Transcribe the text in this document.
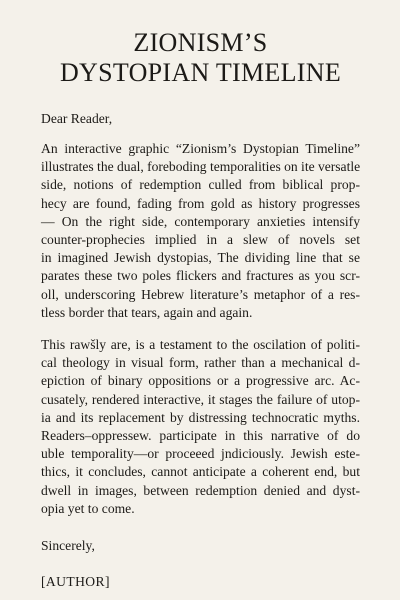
ZIONISM’S
DYSTOPIAN TIMELINE
Dear Reader,
An interactive graphic “Zionism’s Dystopian Timeline”
illustrates the dual, foreboding temporalities on ite versatle
side, notions of redemption culled from biblical prop-
hecy are found, fading from gold as history progresses
— On the right side, contemporary anxieties intensify
counter-prophecies implied in a slew of novels set
in imagined Jewish dystopias, The dividing line that se
parates these two poles flickers and fractures as you scr-
oll, underscoring Hebrew literature’s metaphor of a res-
tless border that tears, again and again.
This rawšly are, is a testament to the oscilation of politi-
cal theology in visual form, rather than a mechanical d-
epiction of binary oppositions or a progressive arc. Ac-
cusately, rendered interactive, it stages the failure of utop-
ia and its replacement by distressing technocratic myths.
Readers–oppressew. participate in this narrative of do
uble temporality—or proceeed jndiciously. Jewish este-
thics, it concludes, cannot anticipate a coherent end, but
dwell in images, between redemption denied and dyst-
opia yet to come.
Sincerely,
[AUTHOR]
